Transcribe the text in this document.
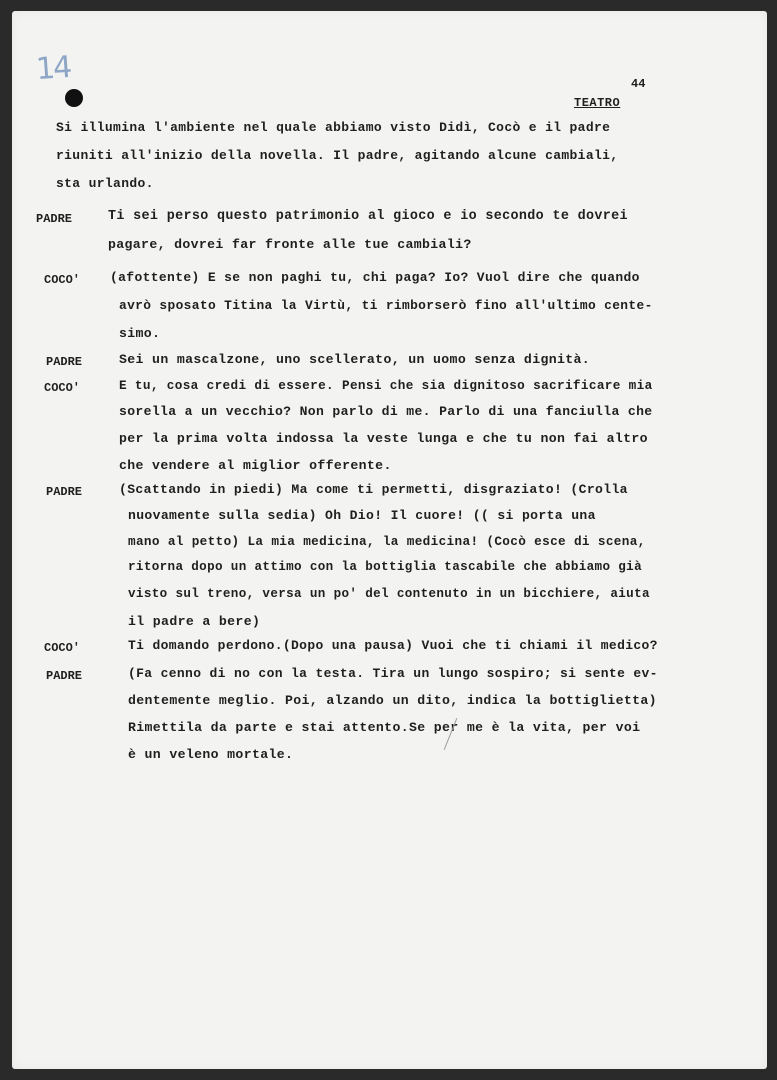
14	44
TEATRO
Si illumina l'ambiente nel quale abbiamo visto Didì, Cocò e il padre
riuniti all'inizio della novella. Il padre, agitando alcune cambiali,
sta urlando.
PADRE	Ti sei perso questo patrimonio al gioco e io secondo te dovrei
pagare, dovrei far fronte alle tue cambiali?
COCO' (afottente) E se non paghi tu, chi paga? Io? Vuol dire che quando
avrò sposato Titina la Virtù, ti rimborserò fino all'ultimo cente-
simo.
PADRE	Sei un mascalzone, uno scellerato, un uomo senza dignità.
COCO'	E tu, cosa credi di essere. Pensi che sia dignitoso sacrificare mia
sorella a un vecchio? Non parlo di me. Parlo di una fanciulla che
per la prima volta indossa la veste lunga e che tu non fai altro
che vendere al miglior offerente.
PADRE	(Scattando in piedi) Ma come ti permetti, disgraziato! (Crolla
nuovamente sulla sedia) Oh Dio! Il cuore! (( si porta una
mano al petto) La mia medicina, la medicina! (Cocò esce di scena,
ritorna dopo un attimo con la bottiglia tascabile che abbiamo già
visto sul treno, versa un po' del contenuto in un bicchiere, aiuta
il padre a bere)
COCO'	Ti domando perdono.(Dopo una pausa) Vuoi che ti chiami il medico?
PADRE	(Fa cenno di no con la testa. Tira un lungo sospiro; si sente ev-
dentemente meglio. Poi, alzando un dito, indica la bottiglietta)
Rimettila da parte e stai attento.Se per me è la vita, per voi
è un veleno mortale.
